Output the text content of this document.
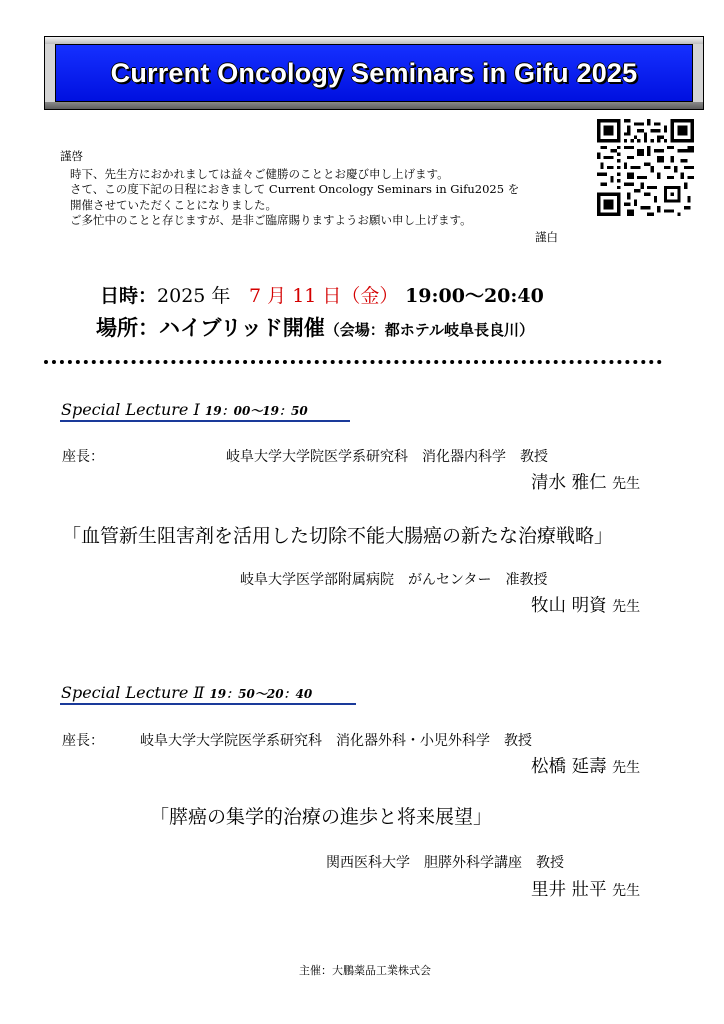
Current Oncology Seminars in Gifu 2025
謹啓
時下、先生方におかれましては益々ご健勝のこととお慶び申し上げます。
さて、この度下記の日程におきまして Current Oncology Seminars in Gifu2025 を
開催させていただくことになりました。
ご多忙中のことと存じますが、是非ご臨席賜りますようお願い申し上げます。
謹白
日時：2025 年 7 月 11 日（金） 19:00〜20:40
場所：ハイブリッド開催（会場：都ホテル岐阜長良川）
Special Lecture Ⅰ 19：00〜19：50
座長：	岐阜大学大学院医学系研究科　消化器内科学　教授
清水 雅仁 先生
「血管新生阻害剤を活用した切除不能大腸癌の新たな治療戦略」
岐阜大学医学部附属病院　がんセンター　准教授
牧山 明資 先生
Special Lecture Ⅱ 19：50〜20：40
座長：	岐阜大学大学院医学系研究科　消化器外科・小児外科学　教授
松橋 延壽 先生
「膵癌の集学的治療の進歩と将来展望」
関西医科大学　胆膵外科学講座　教授
里井 壯平 先生
主催：大鵬薬品工業株式会
